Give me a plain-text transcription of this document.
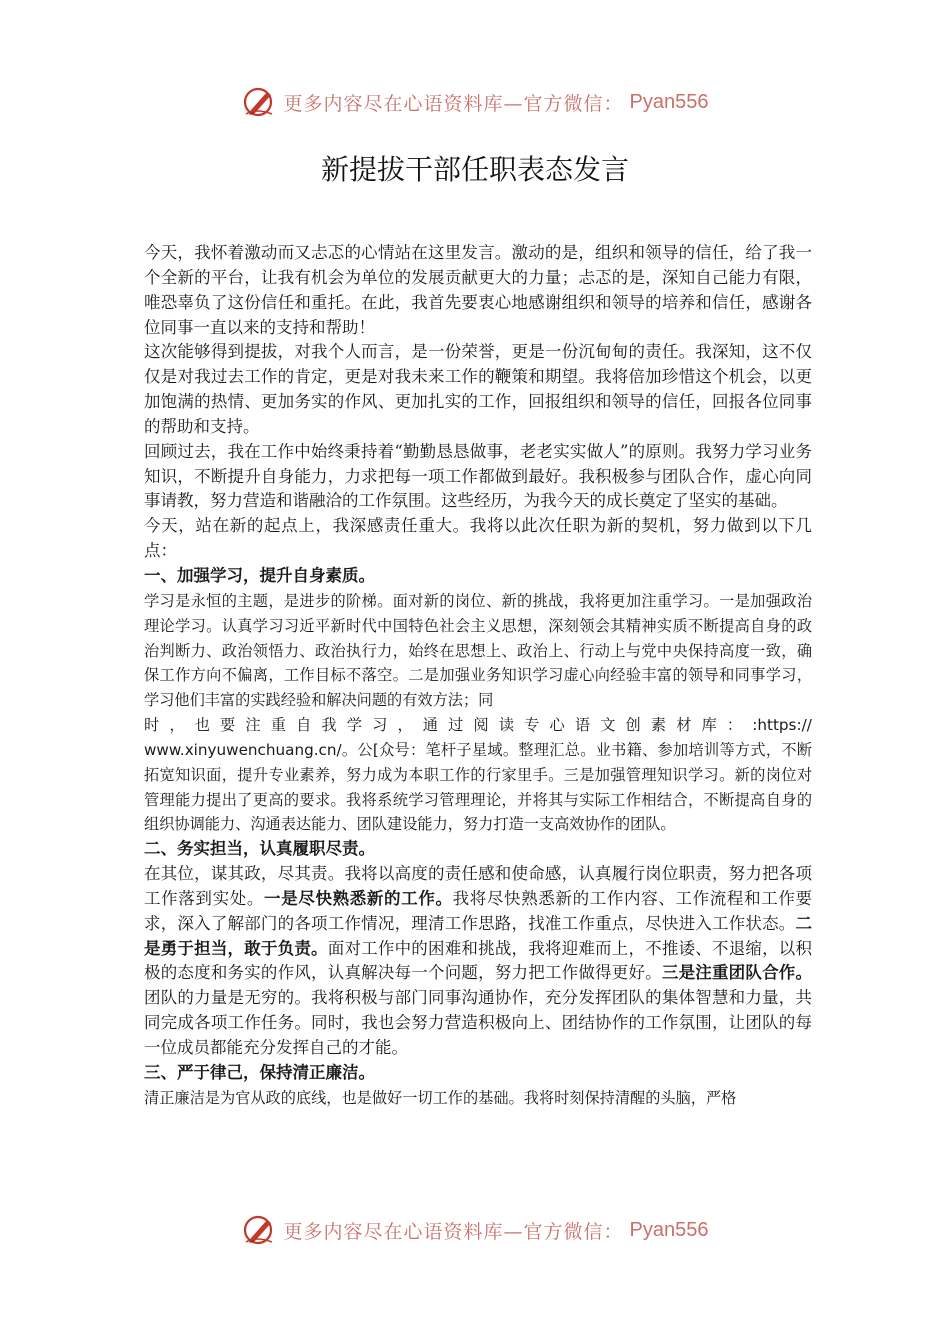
更多内容尽在心语资料库—官方微信： Pyan556
新提拔干部任职表态发言

今天，我怀着激动而又忐忑的心情站在这里发言。激动的是，组织和领导的信任，给了我一个全新的平台，让我有机会为单位的发展贡献更大的力量；忐忑的是，深知自己能力有限，唯恐辜负了这份信任和重托。在此，我首先要衷心地感谢组织和领导的培养和信任，感谢各位同事一直以来的支持和帮助！

这次能够得到提拔，对我个人而言，是一份荣誉，更是一份沉甸甸的责任。我深知，这不仅仅是对我过去工作的肯定，更是对我未来工作的鞭策和期望。我将倍加珍惜这个机会，以更加饱满的热情、更加务实的作风、更加扎实的工作，回报组织和领导的信任，回报各位同事的帮助和支持。

回顾过去，我在工作中始终秉持着“勤勤恳恳做事，老老实实做人”的原则。我努力学习业务知识，不断提升自身能力，力求把每一项工作都做到最好。我积极参与团队合作，虚心向同事请教，努力营造和谐融洽的工作氛围。这些经历，为我今天的成长奠定了坚实的基础。

今天，站在新的起点上，我深感责任重大。我将以此次任职为新的契机，努力做到以下几点：

一、加强学习，提升自身素质。

学习是永恒的主题，是进步的阶梯。面对新的岗位、新的挑战，我将更加注重学习。一是加强政治理论学习。认真学习习近平新时代中国特色社会主义思想，深刻领会其精神实质不断提高自身的政治判断力、政治领悟力、政治执行力，始终在思想上、政治上、行动上与党中央保持高度一致，确保工作方向不偏离，工作目标不落空。二是加强业务知识学习虚心向经验丰富的领导和同事学习，学习他们丰富的实践经验和解决问题的有效方法；同

时 ， 也 要 注 重 自 我 学 习 ， 通 过 阅 读 专 心 语 文 创 素 材 库 ： :https://

www.xinyuwenchuang.cn/。公[众号：笔杆子星域。整理汇总。业书籍、参加培训等方式，不断拓宽知识面，提升专业素养，努力成为本职工作的行家里手。三是加强管理知识学习。新的岗位对管理能力提出了更高的要求。我将系统学习管理理论，并将其与实际工作相结合，不断提高自身的组织协调能力、沟通表达能力、团队建设能力，努力打造一支高效协作的团队。

二、务实担当，认真履职尽责。

在其位，谋其政，尽其责。我将以高度的责任感和使命感，认真履行岗位职责，努力把各项工作落到实处。一是尽快熟悉新的工作。我将尽快熟悉新的工作内容、工作流程和工作要求，深入了解部门的各项工作情况，理清工作思路，找准工作重点，尽快进入工作状态。二是勇于担当，敢于负责。面对工作中的困难和挑战，我将迎难而上，不推诿、不退缩，以积极的态度和务实的作风，认真解决每一个问题，努力把工作做得更好。三是注重团队合作。团队的力量是无穷的。我将积极与部门同事沟通协作，充分发挥团队的集体智慧和力量，共同完成各项工作任务。同时，我也会努力营造积极向上、团结协作的工作氛围，让团队的每一位成员都能充分发挥自己的才能。

三、严于律己，保持清正廉洁。

清正廉洁是为官从政的底线，也是做好一切工作的基础。我将时刻保持清醒的头脑，严格

更多内容尽在心语资料库—官方微信： Pyan556
